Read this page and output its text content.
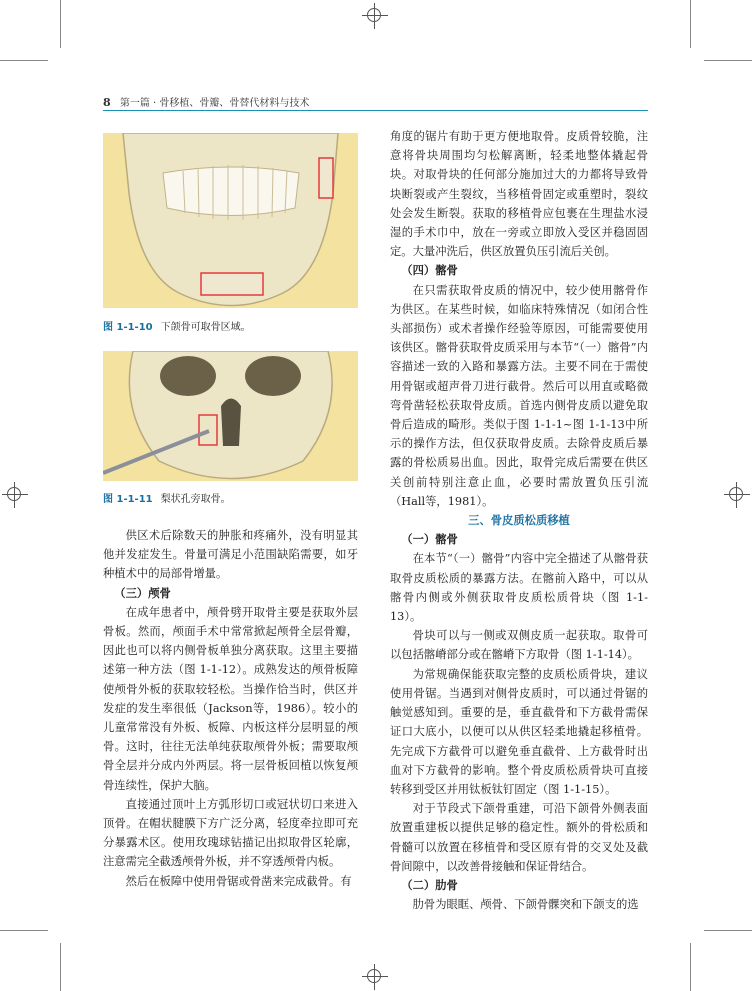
8 第一篇 · 骨移植、骨瓣、骨替代材料与技术
图 1-1-10 下颌骨可取骨区域。
图 1-1-11 梨状孔旁取骨。

供区术后除数天的肿胀和疼痛外，没有明显其他并发症发生。骨量可满足小范围缺陷需要，如牙种植术中的局部骨增量。

（三）颅骨

在成年患者中，颅骨劈开取骨主要是获取外层骨板。然而，颅面手术中常常掀起颅骨全层骨瓣，因此也可以将内侧骨板单独分离获取。这里主要描述第一种方法（图 1-1-12）。成熟发达的颅骨板障使颅骨外板的获取较轻松。当操作恰当时，供区并发症的发生率很低（Jackson等，1986）。较小的儿童常常没有外板、板障、内板这样分层明显的颅骨。这时，往往无法单纯获取颅骨外板；需要取颅骨全层并分成内外两层。将一层骨板回植以恢复颅骨连续性，保护大脑。

直接通过顶叶上方弧形切口或冠状切口来进入顶骨。在帽状腱膜下方广泛分离，轻度牵拉即可充分暴露术区。使用玫瑰球钻描记出拟取骨区轮廓，注意需完全截透颅骨外板，并不穿透颅骨内板。

然后在板障中使用骨锯或骨凿来完成截骨。有

角度的锯片有助于更方便地取骨。皮质骨较脆，注意将骨块周围均匀松解离断，轻柔地整体撬起骨块。对取骨块的任何部分施加过大的力都将导致骨块断裂或产生裂纹，当移植骨固定或重塑时，裂纹处会发生断裂。获取的移植骨应包裹在生理盐水浸湿的手术巾中，放在一旁或立即放入受区并稳固固定。大量冲洗后，供区放置负压引流后关创。

（四）髂骨

在只需获取骨皮质的情况中，较少使用髂骨作为供区。在某些时候，如临床特殊情况（如闭合性头部损伤）或术者操作经验等原因，可能需要使用该供区。髂骨获取骨皮质采用与本节“（一）髂骨”内容描述一致的入路和暴露方法。主要不同在于需使用骨锯或超声骨刀进行截骨。然后可以用直或略微弯骨凿轻松获取骨皮质。首选内侧骨皮质以避免取骨后造成的畸形。类似于图 1-1-1~图 1-1-13中所示的操作方法，但仅获取骨皮质。去除骨皮质后暴露的骨松质易出血。因此，取骨完成后需要在供区关创前特别注意止血，必要时需放置负压引流（Hall等，1981）。

三、骨皮质松质移植

（一）髂骨

在本节“（一）髂骨”内容中完全描述了从髂骨获取骨皮质松质的暴露方法。在髂前入路中，可以从髂骨内侧或外侧获取骨皮质松质骨块（图 1-1-13）。

骨块可以与一侧或双侧皮质一起获取。取骨可以包括髂嵴部分或在髂嵴下方取骨（图 1-1-14）。

为常规确保能获取完整的皮质松质骨块，建议使用骨锯。当遇到对侧骨皮质时，可以通过骨锯的触觉感知到。重要的是，垂直截骨和下方截骨需保证口大底小，以便可以从供区轻柔地撬起移植骨。先完成下方截骨可以避免垂直截骨、上方截骨时出血对下方截骨的影响。整个骨皮质松质骨块可直接转移到受区并用钛板钛钉固定（图 1-1-15）。

对于节段式下颌骨重建，可沿下颌骨外侧表面放置重建板以提供足够的稳定性。额外的骨松质和骨髓可以放置在移植骨和受区原有骨的交叉处及截骨间隙中，以改善骨接触和保证骨结合。

（二）肋骨

肋骨为眼眶、颅骨、下颌骨髁突和下颌支的选
